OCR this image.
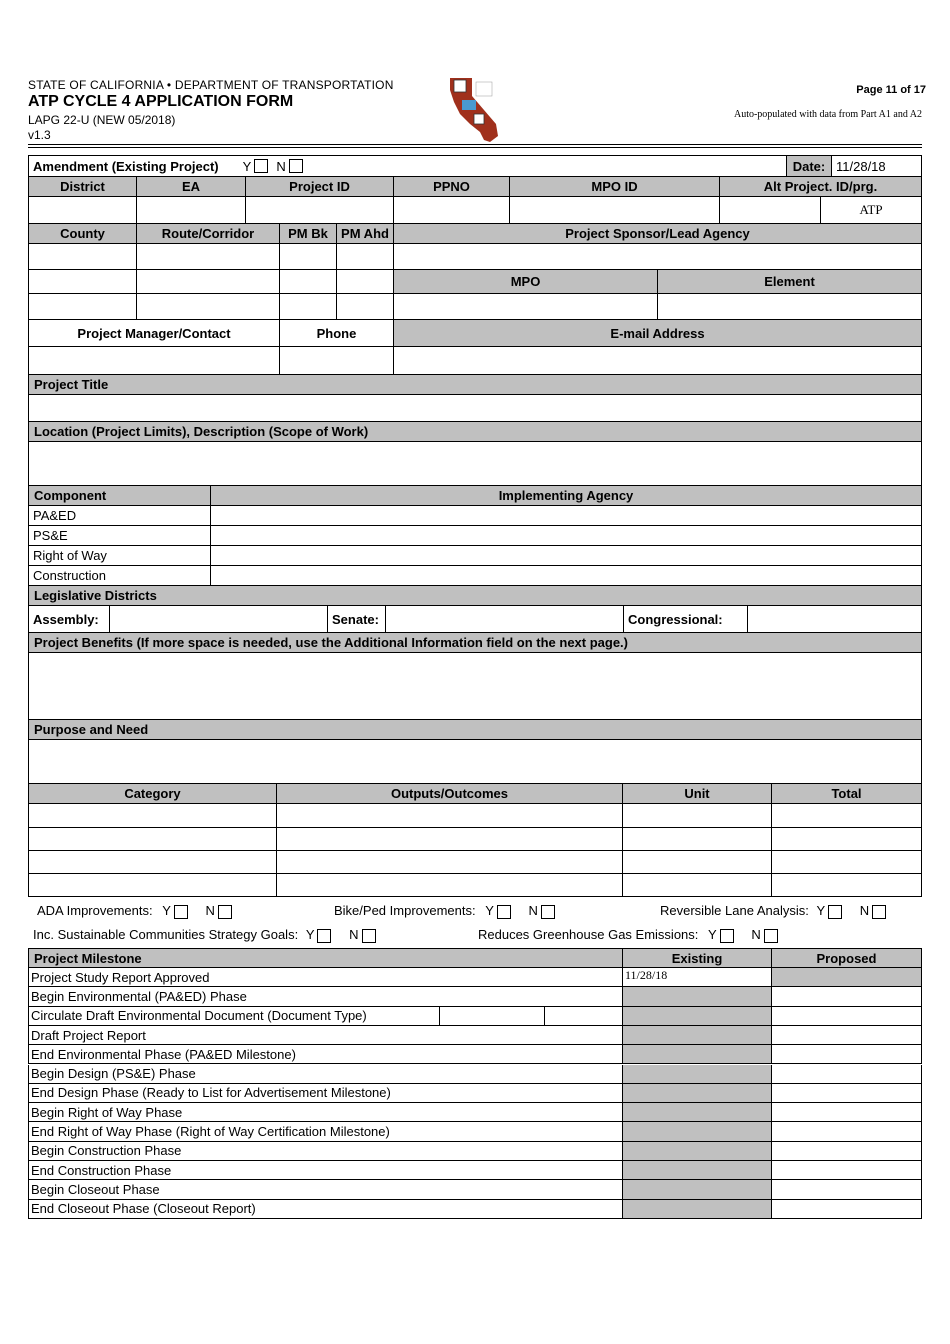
STATE OF CALIFORNIA • DEPARTMENT OF TRANSPORTATION
ATP CYCLE 4 APPLICATION FORM
LAPG 22-U (NEW 05/2018)
v1.3
Page 11 of 17
Auto-populated with data from Part A1 and A2
Amendment (Existing Project) Y N	Date: 11/28/18
District	EA	Project ID	PPNO	MPO ID	Alt Project. ID/prg.
ATP
County	Route/Corridor	PM Bk	PM Ahd	Project Sponsor/Lead Agency
MPO	Element
Project Manager/Contact	Phone	E-mail Address
Project Title
Location (Project Limits), Description (Scope of Work)
Component	Implementing Agency
PA&ED
PS&E
Right of Way
Construction
Legislative Districts
Assembly:	Senate:	Congressional:
Project Benefits (If more space is needed, use the Additional Information field on the next page.)
Purpose and Need
Category	Outputs/Outcomes	Unit	Total
ADA Improvements: Y	N	Bike/Ped Improvements: Y	N	Reversible Lane Analysis: Y	N
Inc. Sustainable Communities Strategy Goals: Y	N	Reduces Greenhouse Gas Emissions: Y	N
Project Milestone	Existing	Proposed
Project Study Report Approved	11/28/18
Begin Environmental (PA&ED) Phase
Circulate Draft Environmental Document (Document Type)
Draft Project Report
End Environmental Phase (PA&ED Milestone)
Begin Design (PS&E) Phase
End Design Phase (Ready to List for Advertisement Milestone)
Begin Right of Way Phase
End Right of Way Phase (Right of Way Certification Milestone)
Begin Construction Phase
End Construction Phase
Begin Closeout Phase
End Closeout Phase (Closeout Report)
